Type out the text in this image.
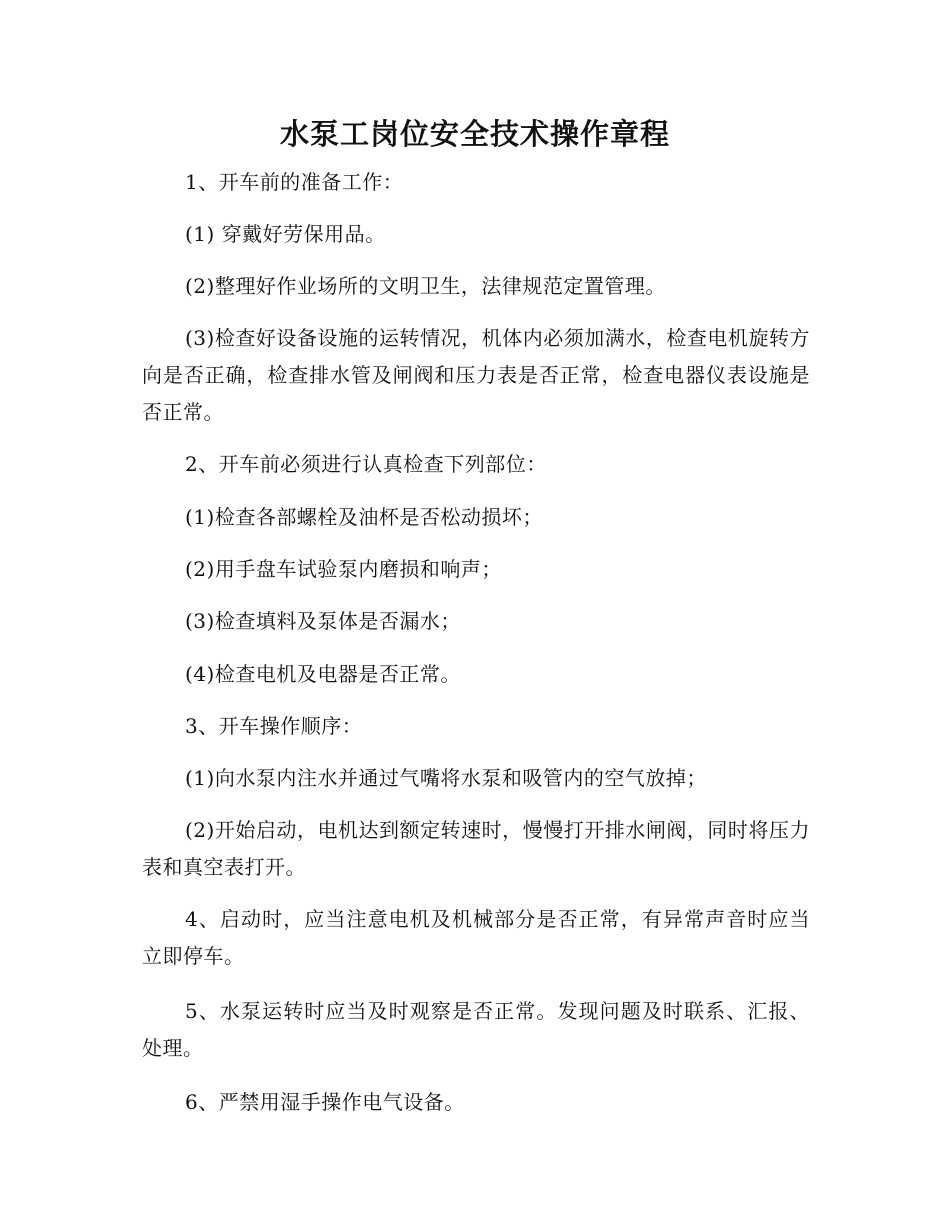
水泵工岗位安全技术操作章程

1、开车前的准备工作：

(1) 穿戴好劳保用品。

(2)整理好作业场所的文明卫生，法律规范定置管理。

(3)检查好设备设施的运转情况，机体内必须加满水，检查电机旋转方向是否正确，检查排水管及闸阀和压力表是否正常，检查电器仪表设施是否正常。

2、开车前必须进行认真检查下列部位：

(1)检查各部螺栓及油杯是否松动损坏；

(2)用手盘车试验泵内磨损和响声；

(3)检查填料及泵体是否漏水；

(4)检查电机及电器是否正常。

3、开车操作顺序：

(1)向水泵内注水并通过气嘴将水泵和吸管内的空气放掉；

(2)开始启动，电机达到额定转速时，慢慢打开排水闸阀，同时将压力表和真空表打开。

4、启动时，应当注意电机及机械部分是否正常，有异常声音时应当立即停车。

5、水泵运转时应当及时观察是否正常。发现问题及时联系、汇报、处理。

6、严禁用湿手操作电气设备。
